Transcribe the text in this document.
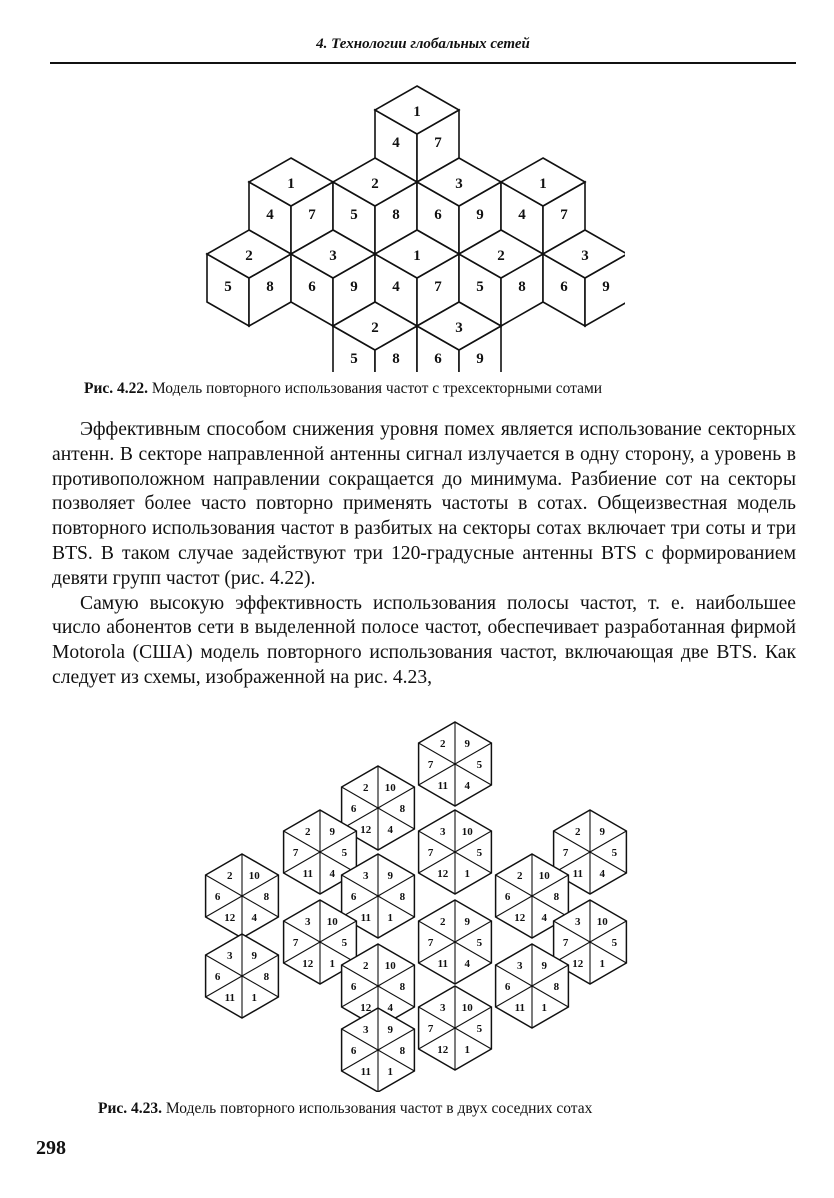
4. Технологии глобальных сетей
1
4 7
1
4 7
2
5 8
3
6 9
1
4 7
2
5 8
3
6 9
1
4 7
2
5 8
3
6 9
2
5 8
3
6 9
Рис. 4.22. Модель повторного использования частот с трехсекторными сотами

Эффективным способом снижения уровня помех является использование секторных антенн. В секторе направленной антенны сигнал излучается в одну сторону, а уровень в противоположном направлении сокращается до минимума. Разбиение сот на секторы позволяет более часто повторно применять частоты в сотах. Общеизвестная модель повторного использования частот в разбитых на секторы сотах включает три соты и три BTS. В таком случае задействуют три 120-градусные антенны BTS с формированием девяти групп частот (рис. 4.22).

Самую высокую эффективность использования полосы частот, т. е. наибольшее число абонентов сети в выделенной полосе частот, обеспечивает разработанная фирмой Motorola (США) модель повторного использования частот, включающая две BTS. Как следует из схемы, изображенной на рис. 4.23,

2 9
5
4
11
7
2 10
8
4
12
6
2 9
5
4
11
7
3 10
5
1
12
7
2 9
5
4
11
7
2 10
8
4
12
6
3 9
8
1
11
6
2 10
8
4
12
6
3 9
8
1
11
6
2 9
5
4
11
7
3 10
5
1
12
7
3 10
5
1
12
7
2 10
8
4
12
6
3 9
8
1
11
6
3 9
8
1
11
6
3 10
5
1
12
7
Рис. 4.23. Модель повторного использования частот в двух соседних сотах
298
